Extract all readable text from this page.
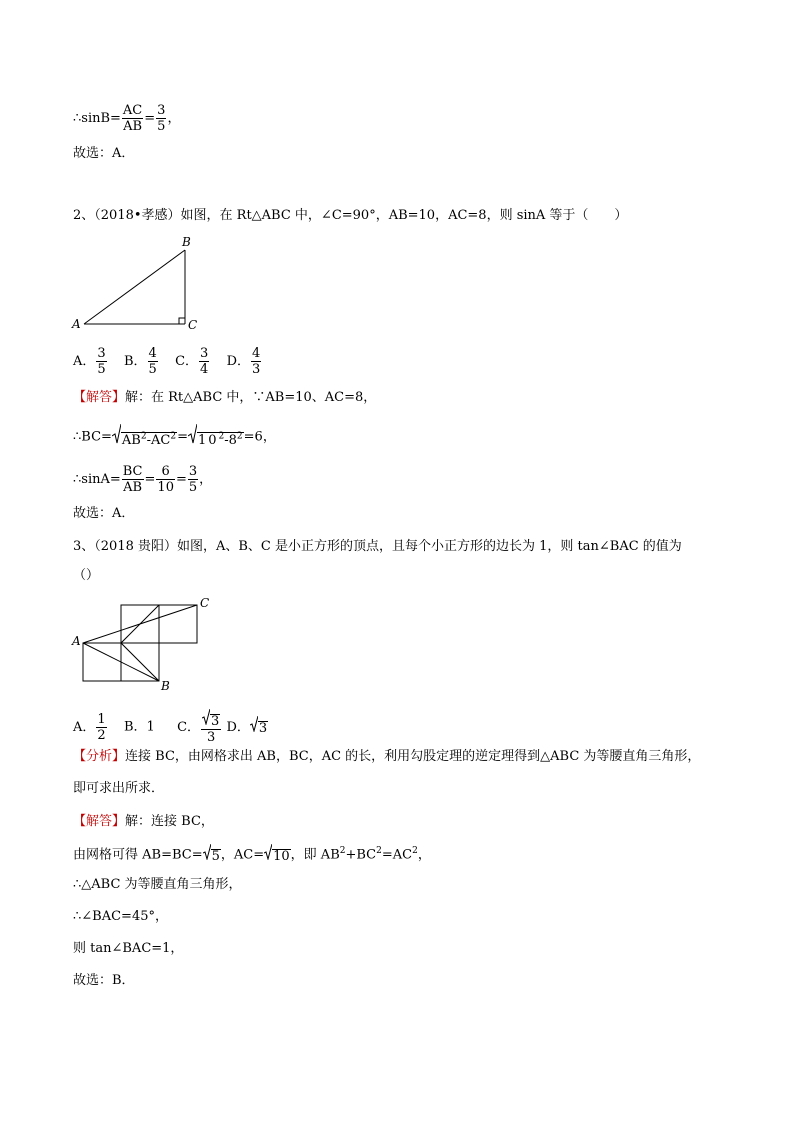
∴sinB= $\frac{AC}{AB} = \frac{3}{5}$ ，
故选：A．
2、（2018•孝感）如图，在 Rt△ABC 中，∠C=90°，AB=10，AC=8，则 sinA 等于（　　）
A
B
C
A． $\frac{3}{5}$ B． $\frac{4}{5}$ C． $\frac{3}{4}$ D． $\frac{4}{3}$
【解答】解：在 Rt△ABC 中，∵AB=10、AC=8，
∴BC= $AB^2-AC^2= 10^2-8^2=6$，
∴sinA= $\frac{BC}{AB} = \frac{6}{10} = \frac{3}{5}$ ，
故选：A．
3、（2018 贵阳）如图，A、B、C 是小正方形的顶点，且每个小正方形的边长为 1，则 tan∠BAC 的值为
（）
A
C
B
A． $\frac{1}{2}$ B．1 C． $\frac{3}{3}$ D． 3
【分析】连接 BC，由网格求出 AB，BC，AC 的长，利用勾股定理的逆定理得到△ABC 为等腰直角三角形，
即可求出所求．
【解答】解：连接 BC，
由网格可得 AB=BC= 5，AC= 10，即 $AB^2+BC^2=AC^2$，
∴△ABC 为等腰直角三角形，
∴∠BAC=45°，
则 tan∠BAC=1，
故选：B．
